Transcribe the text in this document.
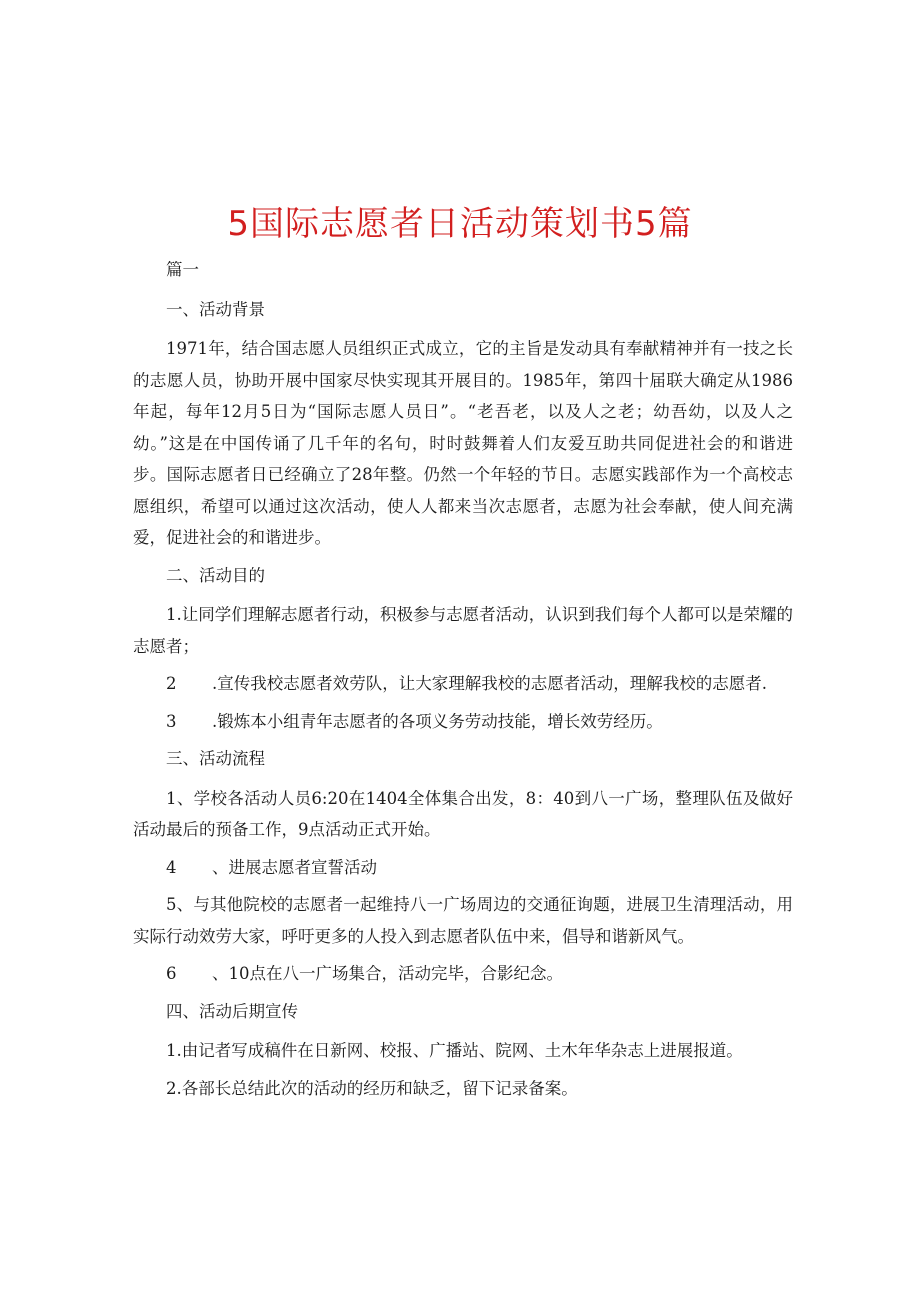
5国际志愿者日活动策划书5篇

篇一

一、活动背景

1971年，结合国志愿人员组织正式成立，它的主旨是发动具有奉献精神并有一技之长的志愿人员，协助开展中国家尽快实现其开展目的。1985年，第四十届联大确定从1986年起，每年12月5日为“国际志愿人员日”。“老吾老，以及人之老；幼吾幼，以及人之幼。”这是在中国传诵了几千年的名句，时时鼓舞着人们友爱互助共同促进社会的和谐进步。国际志愿者日已经确立了28年整。仍然一个年轻的节日。志愿实践部作为一个高校志愿组织，希望可以通过这次活动，使人人都来当次志愿者，志愿为社会奉献，使人间充满爱，促进社会的和谐进步。

二、活动目的

1.让同学们理解志愿者行动，积极参与志愿者活动，认识到我们每个人都可以是荣耀的志愿者；

2 .宣传我校志愿者效劳队，让大家理解我校的志愿者活动，理解我校的志愿者.

3 .锻炼本小组青年志愿者的各项义务劳动技能，增长效劳经历。

三、活动流程

1、学校各活动人员6:20在1404全体集合出发，8：40到八一广场，整理队伍及做好活动最后的预备工作，9点活动正式开始。

4 、进展志愿者宣誓活动

5、与其他院校的志愿者一起维持八一广场周边的交通征询题，进展卫生清理活动，用实际行动效劳大家，呼吁更多的人投入到志愿者队伍中来，倡导和谐新风气。

6 、10点在八一广场集合，活动完毕，合影纪念。

四、活动后期宣传

1.由记者写成稿件在日新网、校报、广播站、院网、土木年华杂志上进展报道。

2.各部长总结此次的活动的经历和缺乏，留下记录备案。
